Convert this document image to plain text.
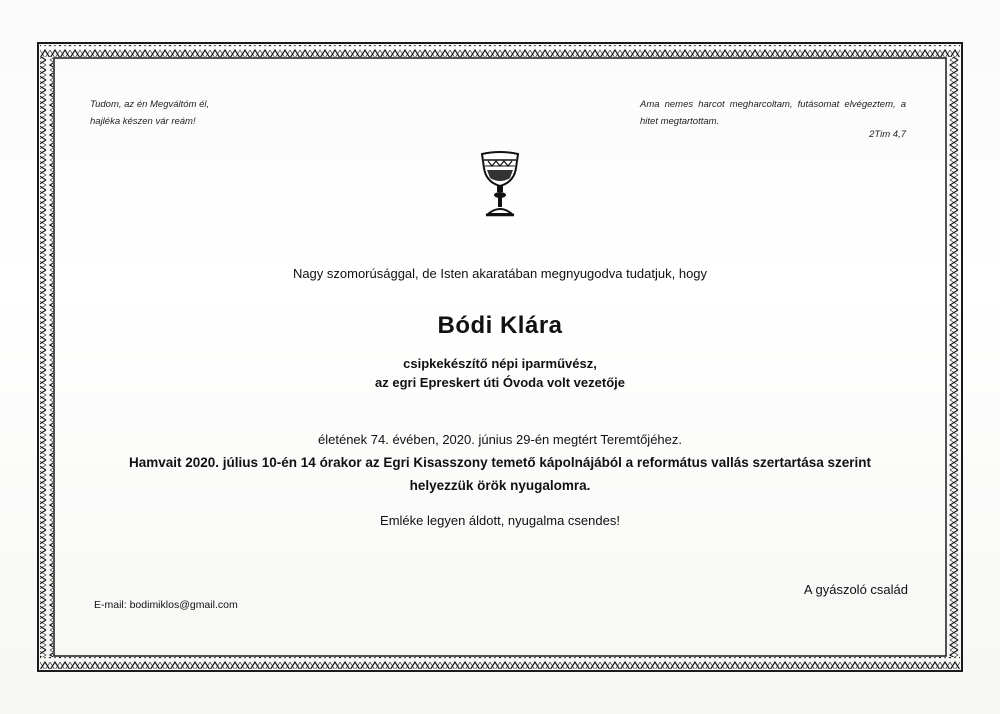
Tudom, az én Megváltóm él,
hajléka készen vár reám!
Ama nemes harcot megharcoltam, futásomat elvégeztem, a hitet megtartottam.
2Tim 4,7
Nagy szomorúsággal, de Isten akaratában megnyugodva tudatjuk, hogy
Bódi Klára
csipkekészítő népi iparművész,
az egri Epreskert úti Óvoda volt vezetője
életének 74. évében, 2020. június 29-én megtért Teremtőjéhez.
Hamvait 2020. július 10-én 14 órakor az Egri Kisasszony temető kápolnájából a református vallás szertartása szerint
helyezzük örök nyugalomra.
Emléke legyen áldott, nyugalma csendes!
E-mail: bodimiklos@gmail.com
A gyászoló család
